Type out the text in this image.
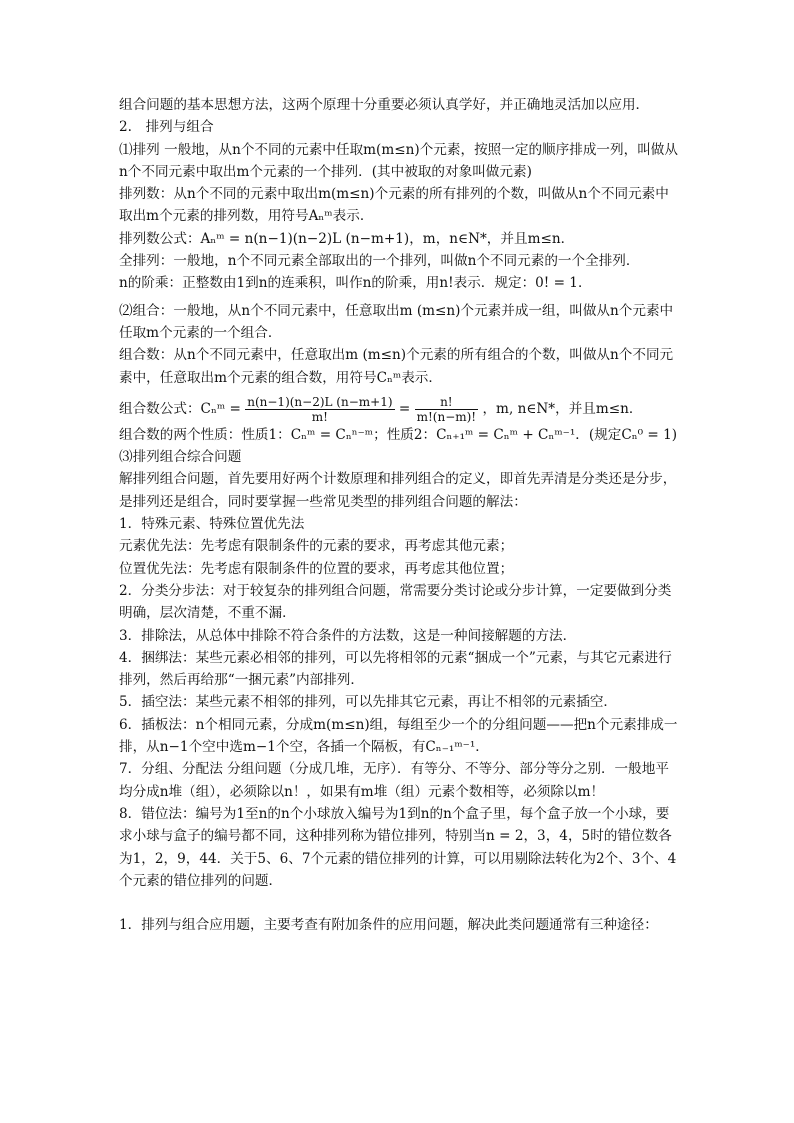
组合问题的基本思想方法，这两个原理十分重要必须认真学好，并正确地灵活加以应用．

2.　排列与组合

⑴排列 一般地，从n个不同的元素中任取m(m≤n)个元素，按照一定的顺序排成一列，叫做从n个不同元素中取出m个元素的一个排列．(其中被取的对象叫做元素)

排列数：从n个不同的元素中取出m(m≤n)个元素的所有排列的个数，叫做从n个不同元素中取出m个元素的排列数，用符号Aₙᵐ表示．

排列数公式：Aₙᵐ = n(n−1)(n−2)L (n−m+1)，m，n∈N*，并且m≤n．

全排列：一般地，n个不同元素全部取出的一个排列，叫做n个不同元素的一个全排列．

n的阶乘：正整数由1到n的连乘积，叫作n的阶乘，用n!表示．规定：0! = 1．

⑵组合：一般地，从n个不同元素中，任意取出m (m≤n)个元素并成一组，叫做从n个元素中任取m个元素的一个组合．

组合数：从n个不同元素中，任意取出m (m≤n)个元素的所有组合的个数，叫做从n个不同元素中，任意取出m个元素的组合数，用符号Cₙᵐ表示．

组合数公式：Cₙᵐ = $\frac{n(n-1)(n-2)L (n-m+1)}{m!} = \frac{n!}{m!(n-m)!}$ ，m, n∈N*，并且m≤n．

组合数的两个性质：性质1：Cₙᵐ = Cₙⁿ⁻ᵐ；性质2：Cₙ₊₁ᵐ = Cₙᵐ + Cₙᵐ⁻¹．(规定Cₙ⁰ = 1)

⑶排列组合综合问题

解排列组合问题，首先要用好两个计数原理和排列组合的定义，即首先弄清是分类还是分步，是排列还是组合，同时要掌握一些常见类型的排列组合问题的解法：

1．特殊元素、特殊位置优先法

元素优先法：先考虑有限制条件的元素的要求，再考虑其他元素；

位置优先法：先考虑有限制条件的位置的要求，再考虑其他位置；

2．分类分步法：对于较复杂的排列组合问题，常需要分类讨论或分步计算，一定要做到分类明确，层次清楚，不重不漏．

3．排除法，从总体中排除不符合条件的方法数，这是一种间接解题的方法．

4．捆绑法：某些元素必相邻的排列，可以先将相邻的元素“捆成一个”元素，与其它元素进行排列，然后再给那“一捆元素”内部排列．

5．插空法：某些元素不相邻的排列，可以先排其它元素，再让不相邻的元素插空．

6．插板法：n个相同元素，分成m(m≤n)组，每组至少一个的分组问题——把n个元素排成一排，从n−1个空中选m−1个空，各插一个隔板，有Cₙ₋₁ᵐ⁻¹．

7．分组、分配法 分组问题（分成几堆，无序）．有等分、不等分、部分等分之别．一般地平均分成n堆（组），必须除以n！，如果有m堆（组）元素个数相等，必须除以m！

8．错位法：编号为1至n的n个小球放入编号为1到n的n个盒子里，每个盒子放一个小球，要求小球与盒子的编号都不同，这种排列称为错位排列，特别当n = 2，3，4，5时的错位数各为1，2，9，44．关于5、6、7个元素的错位排列的计算，可以用剔除法转化为2个、3个、4个元素的错位排列的问题．

1．排列与组合应用题，主要考查有附加条件的应用问题，解决此类问题通常有三种途径：
